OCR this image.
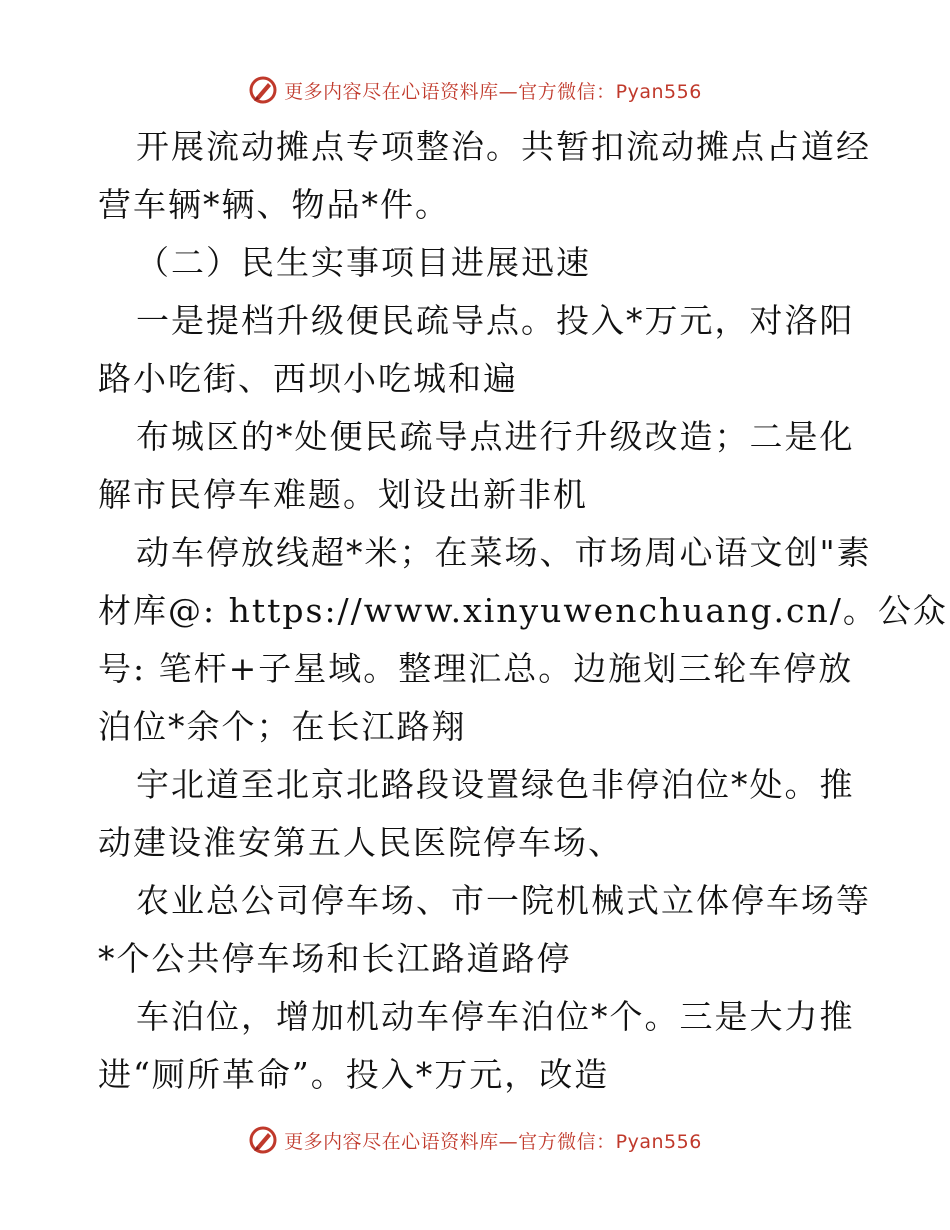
更多内容尽在心语资料库—官方微信：Pyan556
开展流动摊点专项整治。共暂扣流动摊点占道经
营车辆*辆、物品*件。
（二）民生实事项目进展迅速
一是提档升级便民疏导点。投入*万元，对洛阳
路小吃街、西坝小吃城和遍
布城区的*处便民疏导点进行升级改造；二是化
解市民停车难题。划设出新非机
动车停放线超*米；在菜场、市场周心语文创"素
材库@: https://www.xinyuwenchuang.cn/。公众
号: 笔杆+子星域。整理汇总。边施划三轮车停放
泊位*余个；在长江路翔
宇北道至北京北路段设置绿色非停泊位*处。推
动建设淮安第五人民医院停车场、
农业总公司停车场、市一院机械式立体停车场等
*个公共停车场和长江路道路停
车泊位，增加机动车停车泊位*个。三是大力推
进“厕所革命”。投入*万元，改造
更多内容尽在心语资料库—官方微信：Pyan556
